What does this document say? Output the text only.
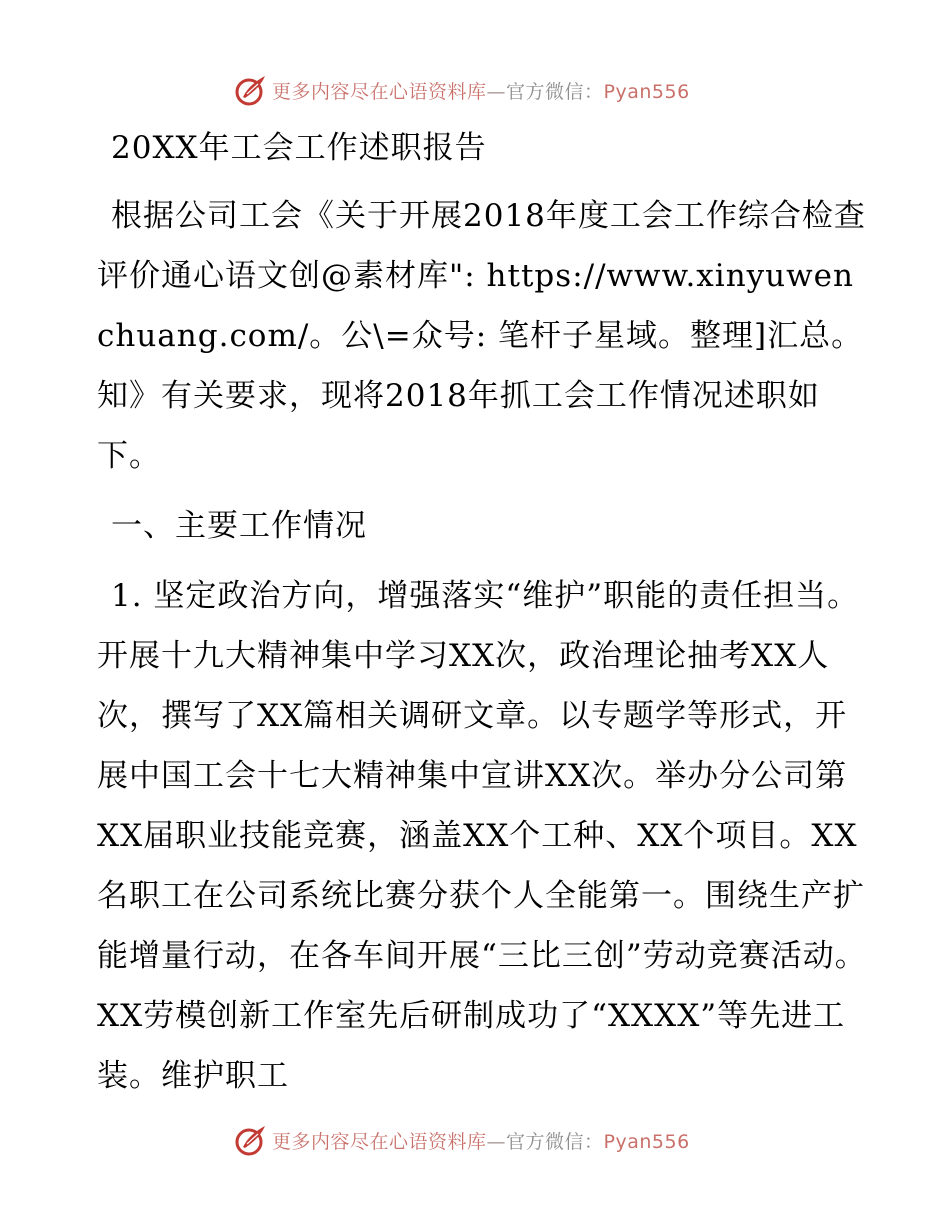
更多内容尽在心语资料库—官方微信：Pyan556

20XX年工会工作述职报告

根据公司工会《关于开展2018年度工会工作综合检查评价通心语文创@素材库": https://www.xinyuwenchuang.com/。公\=众号: 笔杆子星域。整理]汇总。知》有关要求，现将2018年抓工会工作情况述职如下。

一、主要工作情况

1. 坚定政治方向，增强落实“维护”职能的责任担当。开展十九大精神集中学习XX次，政治理论抽考XX人次，撰写了XX篇相关调研文章。以专题学等形式，开展中国工会十七大精神集中宣讲XX次。举办分公司第XX届职业技能竞赛，涵盖XX个工种、XX个项目。XX名职工在公司系统比赛分获个人全能第一。围绕生产扩能增量行动，在各车间开展“三比三创”劳动竞赛活动。XX劳模创新工作室先后研制成功了“XXXX”等先进工装。维护职工

更多内容尽在心语资料库—官方微信：Pyan556
